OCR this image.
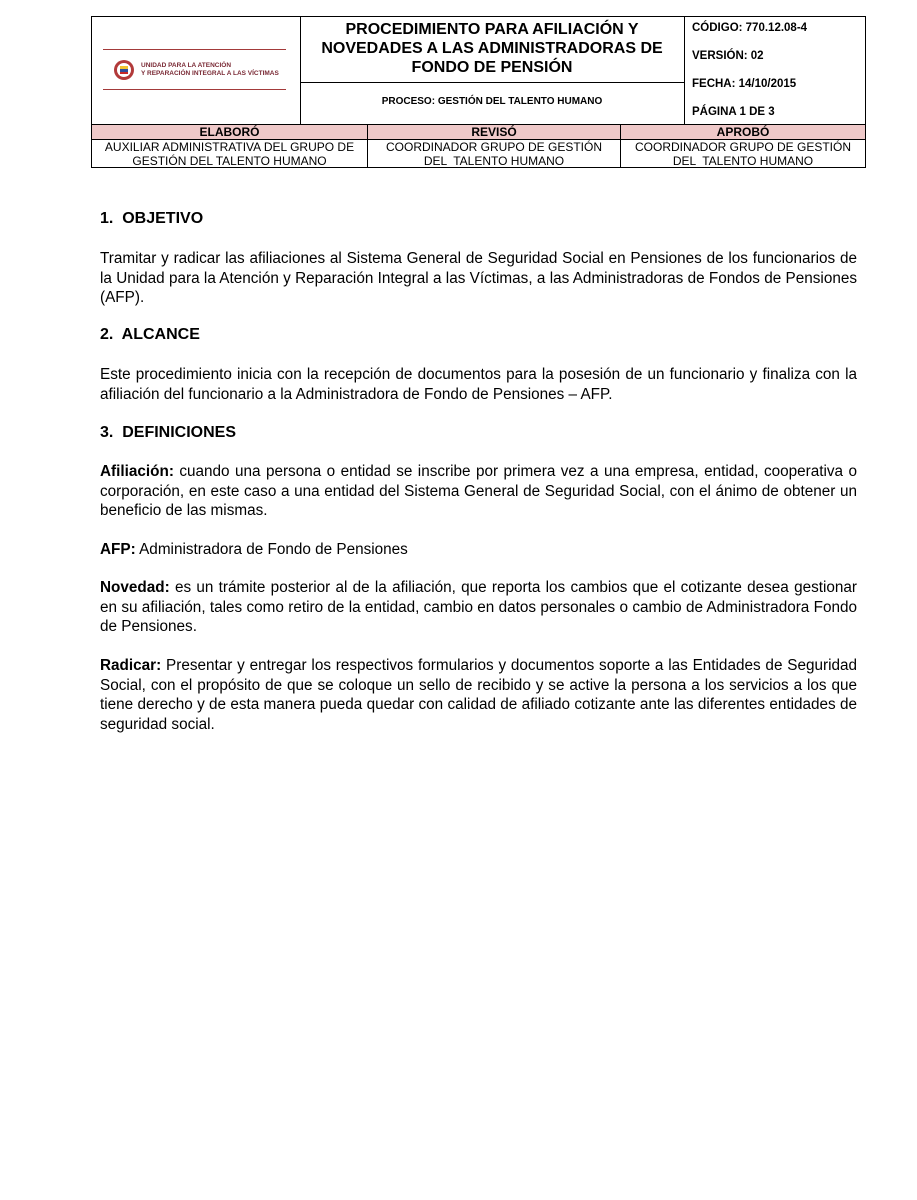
UNIDAD PARA LA ATENCIÓN
Y REPARACIÓN INTEGRAL A LAS VÍCTIMAS
PROCEDIMIENTO PARA AFILIACIÓN Y
NOVEDADES A LAS ADMINISTRADORAS DE
FONDO DE PENSIÓN
PROCESO: GESTIÓN DEL TALENTO HUMANO
CÓDIGO: 770.12.08-4
VERSIÓN: 02
FECHA: 14/10/2015
PÁGINA 1 DE 3
ELABORÓ	REVISÓ	APROBÓ
AUXILIAR ADMINISTRATIVA DEL GRUPO DE
GESTIÓN DEL TALENTO HUMANO
COORDINADOR GRUPO DE GESTIÓN
DEL  TALENTO HUMANO
COORDINADOR GRUPO DE GESTIÓN
DEL  TALENTO HUMANO
1.  OBJETIVO
Tramitar y radicar las afiliaciones al Sistema General de Seguridad Social en Pensiones de los funcionarios de la Unidad para la Atención y Reparación Integral a las Víctimas, a las Administradoras de Fondos de Pensiones (AFP).
2.  ALCANCE
Este procedimiento inicia con la recepción de documentos para la posesión de un funcionario y finaliza con la afiliación del funcionario a la Administradora de Fondo de Pensiones – AFP.
3.  DEFINICIONES
Afiliación: cuando una persona o entidad se inscribe por primera vez a una empresa, entidad, cooperativa o corporación, en este caso a una entidad del Sistema General de Seguridad Social, con el ánimo de obtener un beneficio de las mismas.
AFP: Administradora de Fondo de Pensiones
Novedad: es un trámite posterior al de la afiliación, que reporta los cambios que el cotizante desea gestionar en su afiliación, tales como retiro de la entidad, cambio en datos personales o cambio de Administradora Fondo de Pensiones.
Radicar: Presentar y entregar los respectivos formularios y documentos soporte a las Entidades de Seguridad Social, con el propósito de que se coloque un sello de recibido y se active la persona a los servicios a los que tiene derecho y de esta manera pueda quedar con calidad de afiliado cotizante ante las diferentes entidades de seguridad social.
